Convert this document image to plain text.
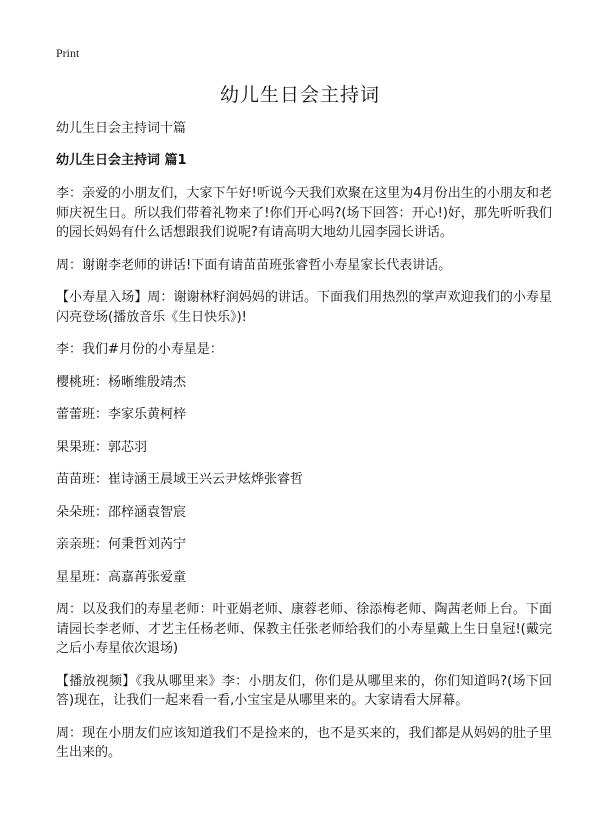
Print
幼儿生日会主持词

幼儿生日会主持词十篇

幼儿生日会主持词 篇1

李：亲爱的小朋友们，大家下午好!听说今天我们欢聚在这里为4月份出生的小朋友和老师庆祝生日。所以我们带着礼物来了!你们开心吗?(场下回答：开心!)好，那先听听我们的园长妈妈有什么话想跟我们说呢?有请高明大地幼儿园李园长讲话。

周：谢谢李老师的讲话!下面有请苗苗班张睿哲小寿星家长代表讲话。

【小寿星入场】周：谢谢林籽润妈妈的讲话。下面我们用热烈的掌声欢迎我们的小寿星闪亮登场(播放音乐《生日快乐》)!

李：我们#月份的小寿星是：

樱桃班：杨晰维殷靖杰

蕾蕾班：李家乐黄柯梓

果果班：郭芯羽

苗苗班：崔诗涵王晨域王兴云尹炫烨张睿哲

朵朵班：邵梓涵袁智宸

亲亲班：何秉哲刘芮宁

星星班：高嘉苒张爱童

周：以及我们的寿星老师：叶亚娟老师、康蓉老师、徐添梅老师、陶茜老师上台。下面请园长李老师、才艺主任杨老师、保教主任张老师给我们的小寿星戴上生日皇冠!(戴完之后小寿星依次退场)

【播放视频】《我从哪里来》李：小朋友们，你们是从哪里来的，你们知道吗?(场下回答)现在，让我们一起来看一看,小宝宝是从哪里来的。大家请看大屏幕。

周：现在小朋友们应该知道我们不是捡来的，也不是买来的，我们都是从妈妈的肚子里生出来的。
